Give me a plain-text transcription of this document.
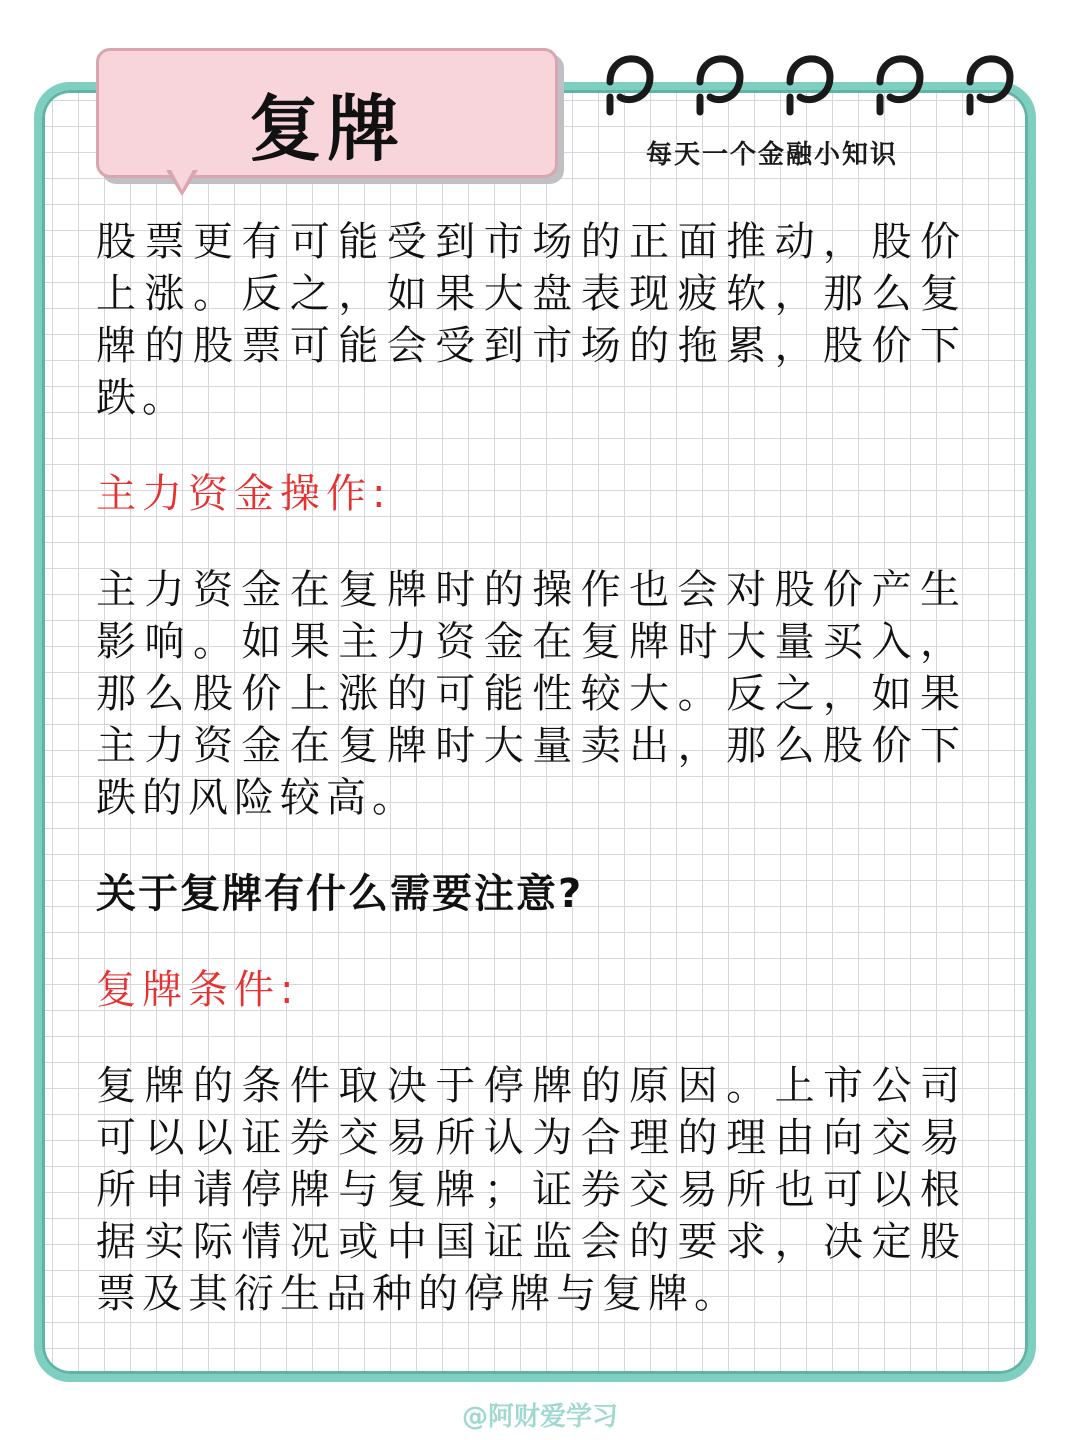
复牌	每天一个金融小知识

股票更有可能受到市场的正面推动，股价上涨。反之，如果大盘表现疲软，那么复牌的股票可能会受到市场的拖累，股价下跌。

主力资金操作:

主力资金在复牌时的操作也会对股价产生影响。如果主力资金在复牌时大量买入，那么股价上涨的可能性较大。反之，如果主力资金在复牌时大量卖出，那么股价下跌的风险较高。

关于复牌有什么需要注意?

复牌条件:

复牌的条件取决于停牌的原因。上市公司可以以证券交易所认为合理的理由向交易所申请停牌与复牌；证券交易所也可以根据实际情况或中国证监会的要求，决定股票及其衍生品种的停牌与复牌。

@阿财爱学习
